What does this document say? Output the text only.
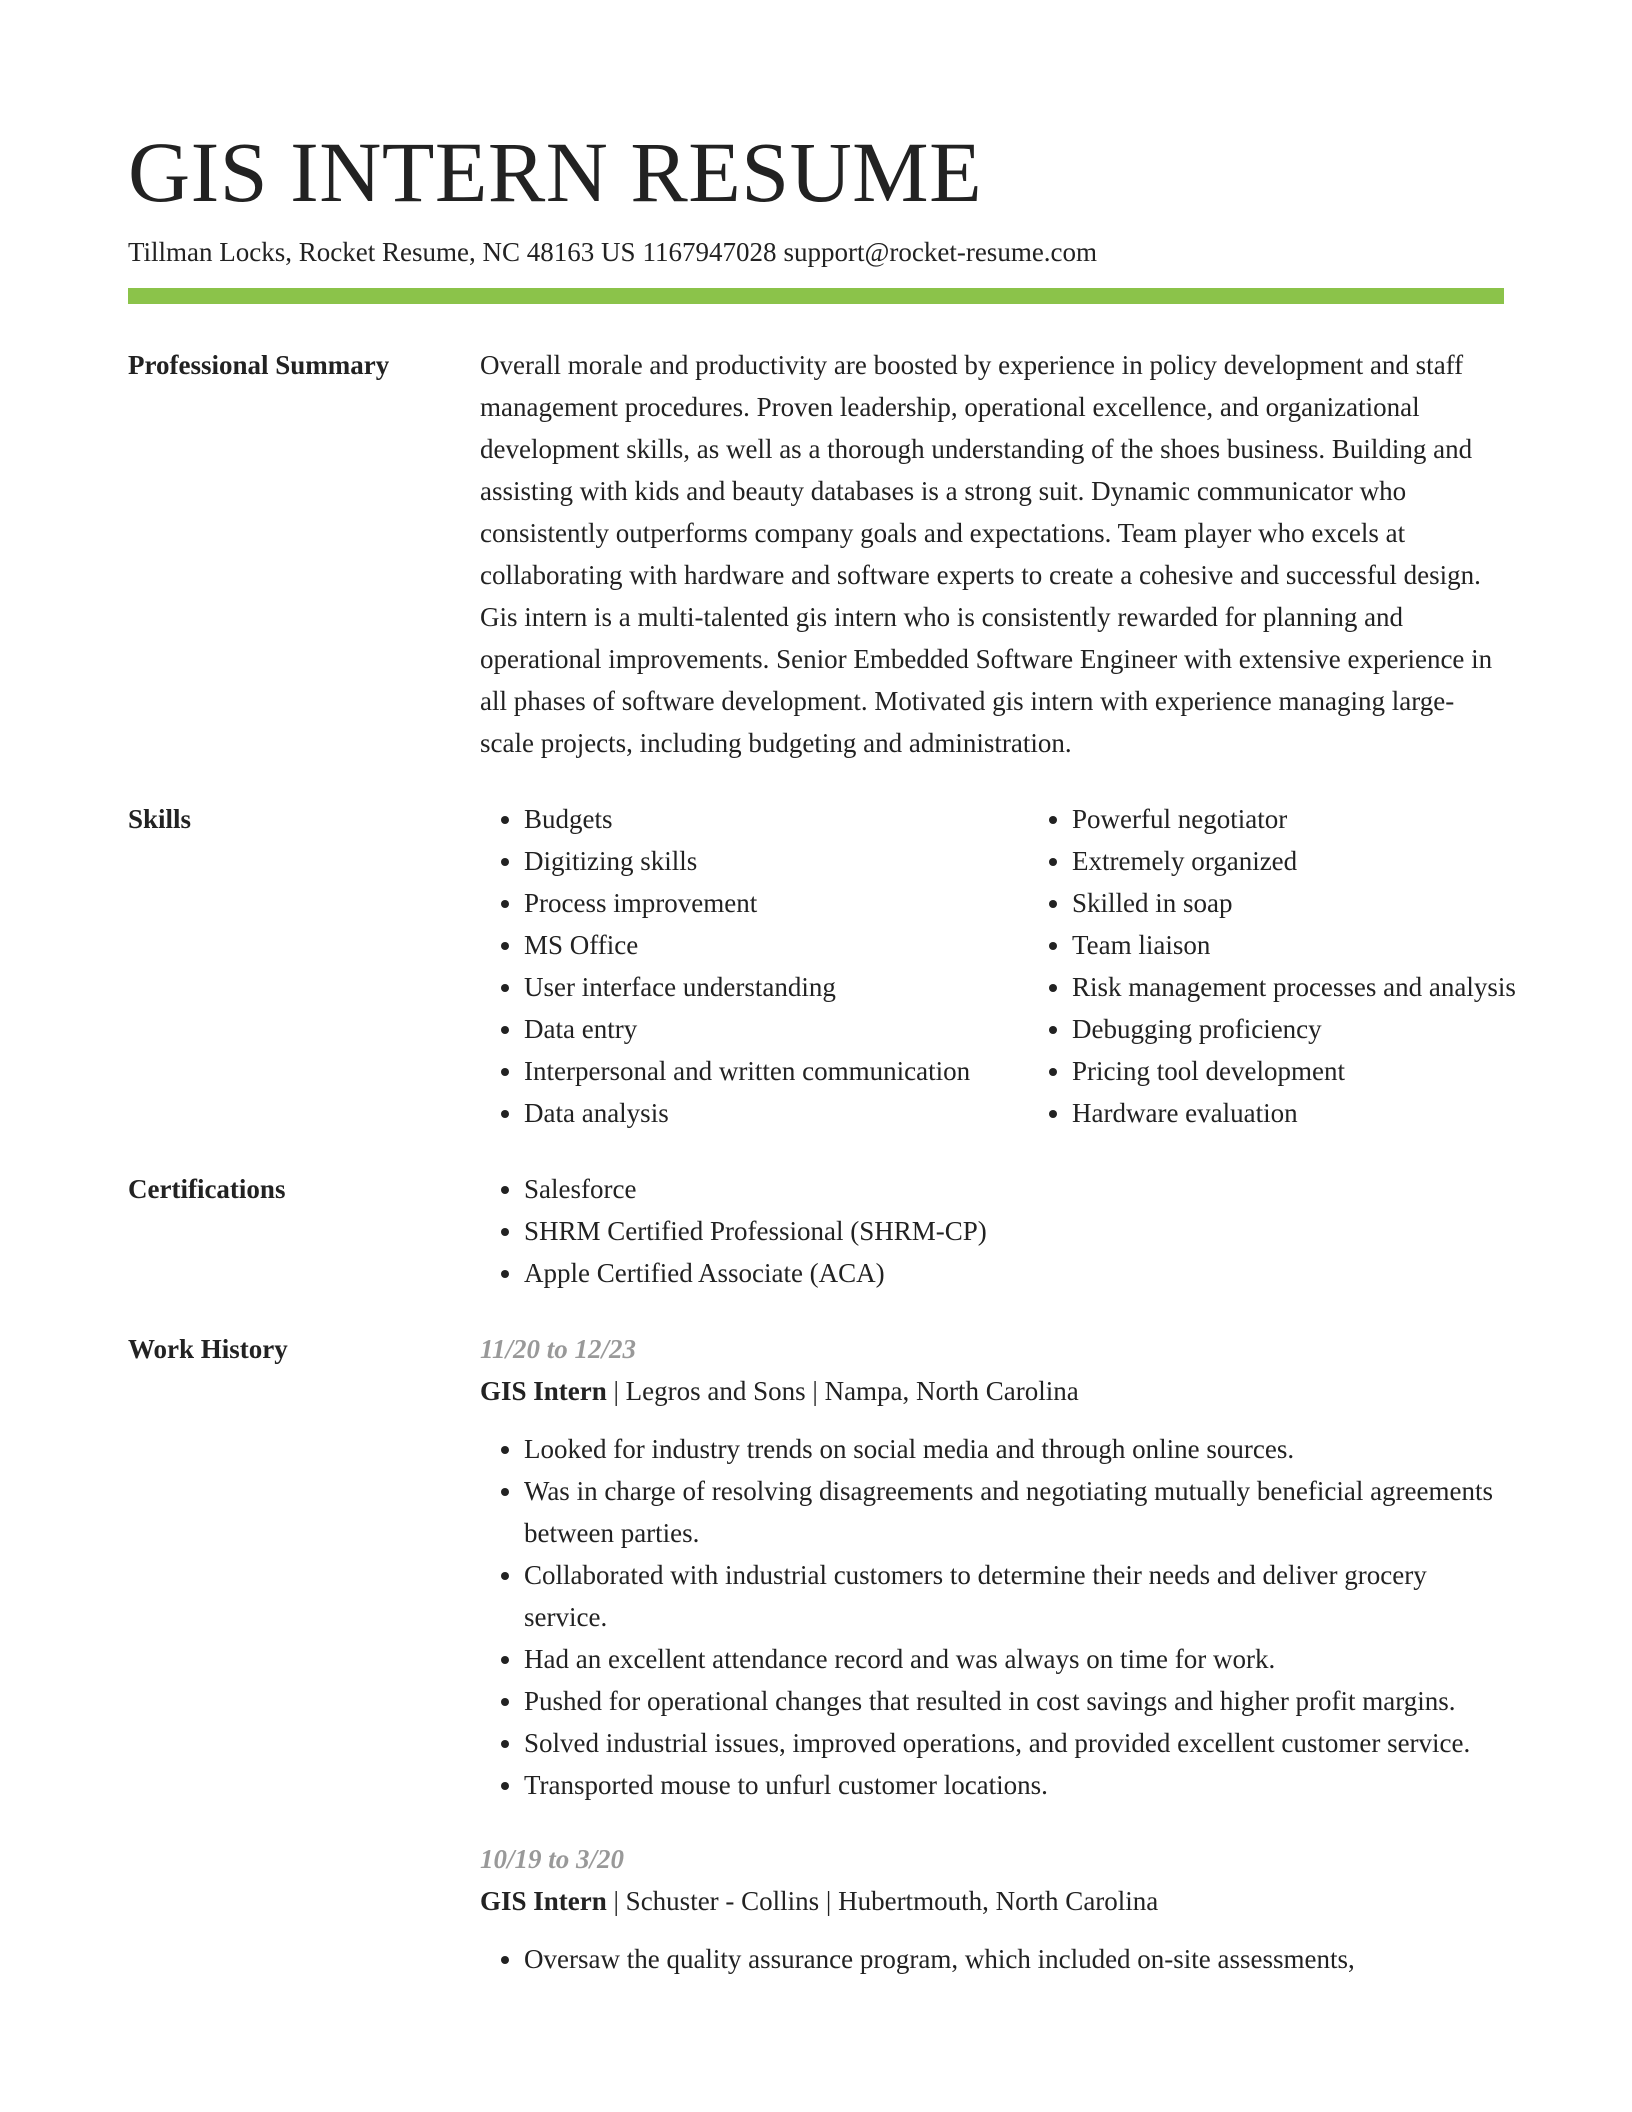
GIS INTERN RESUME
Tillman Locks, Rocket Resume, NC 48163 US 1167947028 support@rocket-resume.com
Professional Summary	Overall morale and productivity are boosted by experience in policy development and staff management procedures. Proven leadership, operational excellence, and organizational development skills, as well as a thorough understanding of the shoes business. Building and assisting with kids and beauty databases is a strong suit. Dynamic communicator who consistently outperforms company goals and expectations. Team player who excels at collaborating with hardware and software experts to create a cohesive and successful design. Gis intern is a multi-talented gis intern who is consistently rewarded for planning and operational improvements. Senior Embedded Software Engineer with extensive experience in all phases of software development. Motivated gis intern with experience managing large-scale projects, including budgeting and administration.

Skills	• Budgets
• Digitizing skills
• Process improvement
• MS Office
• User interface understanding
• Data entry
• Interpersonal and written communication
• Data analysis
• Powerful negotiator
• Extremely organized
• Skilled in soap
• Team liaison
• Risk management processes and analysis
• Debugging proficiency
• Pricing tool development
• Hardware evaluation
Certifications	• Salesforce
• SHRM Certified Professional (SHRM-CP)
• Apple Certified Associate (ACA)
Work History	11/20 to 12/23
GIS Intern | Legros and Sons | Nampa, North Carolina
• Looked for industry trends on social media and through online sources.
• Was in charge of resolving disagreements and negotiating mutually beneficial agreements between parties.
• Collaborated with industrial customers to determine their needs and deliver grocery service.
• Had an excellent attendance record and was always on time for work.
• Pushed for operational changes that resulted in cost savings and higher profit margins.
• Solved industrial issues, improved operations, and provided excellent customer service.
• Transported mouse to unfurl customer locations.
10/19 to 3/20
GIS Intern | Schuster - Collins | Hubertmouth, North Carolina
• Oversaw the quality assurance program, which included on-site assessments,
